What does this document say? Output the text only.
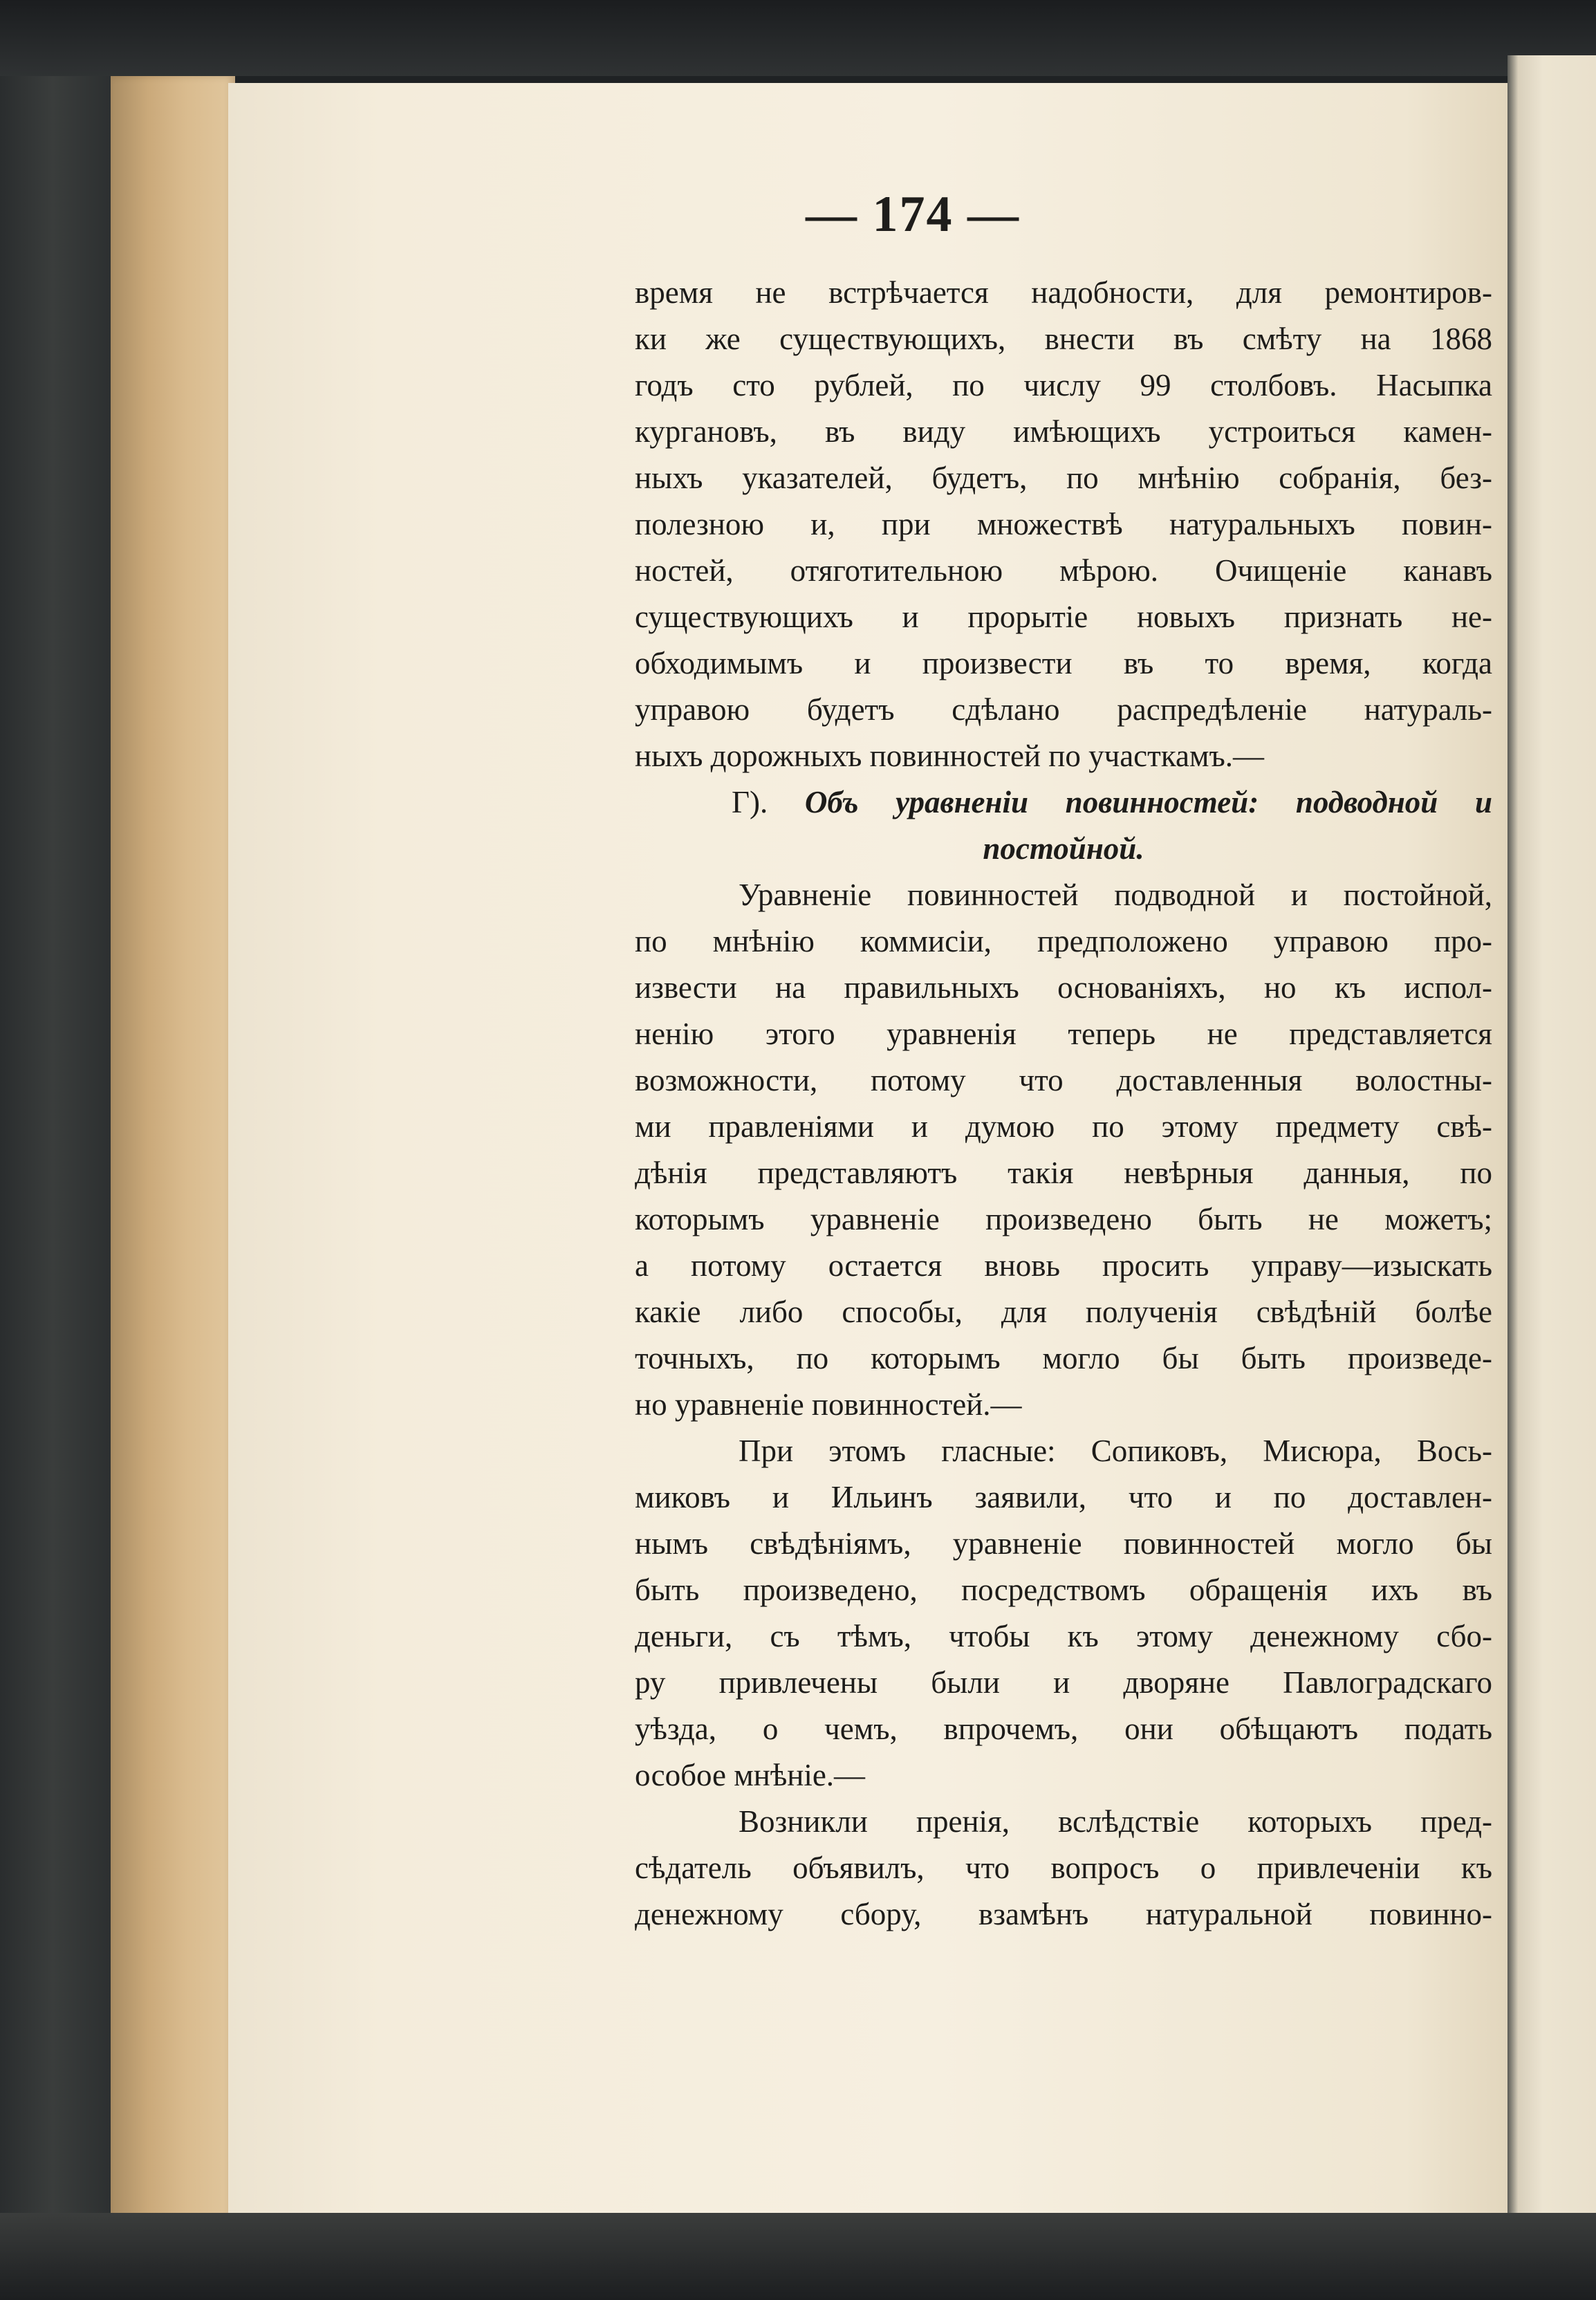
— 174 —
время не встрѣчается надобности, для ремонтиров-
ки же существующихъ, внести въ смѣту на 1868
годъ сто рублей, по числу 99 столбовъ. Насыпка
кургановъ, въ виду имѣющихъ устроиться камен-
ныхъ указателей, будетъ, по мнѣнію собранія, без-
полезною и, при множествѣ натуральныхъ повин-
ностей, отяготительною мѣрою. Очищеніе канавъ
существующихъ и прорытіе новыхъ признать не-
обходимымъ и произвести въ то время, когда
управою будетъ сдѣлано распредѣленіе натураль-
ныхъ дорожныхъ повинностей по участкамъ.—
Г). Объ уравненіи повинностей: подводной и
постойной.
Уравненіе повинностей подводной и постойной,
по мнѣнію коммисіи, предположено управою про-
извести на правильныхъ основаніяхъ, но къ испол-
ненію этого уравненія теперь не представляется
возможности, потому что доставленныя волостны-
ми правленіями и думою по этому предмету свѣ-
дѣнія представляютъ такія невѣрныя данныя, по
которымъ уравненіе произведено быть не можетъ;
а потому остается вновь просить управу—изыскать
какіе либо способы, для полученія свѣдѣній болѣе
точныхъ, по которымъ могло бы быть произведе-
но уравненіе повинностей.—
При этомъ гласные: Сопиковъ, Мисюра, Вось-
миковъ и Ильинъ заявили, что и по доставлен-
нымъ свѣдѣніямъ, уравненіе повинностей могло бы
быть произведено, посредствомъ обращенія ихъ въ
деньги, съ тѣмъ, чтобы къ этому денежному сбо-
ру привлечены были и дворяне Павлоградскаго
уѣзда, о чемъ, впрочемъ, они обѣщаютъ подать
особое мнѣніе.—
Возникли пренія, вслѣдствіе которыхъ пред-
сѣдатель объявилъ, что вопросъ о привлеченіи къ
денежному сбору, взамѣнъ натуральной повинно-
